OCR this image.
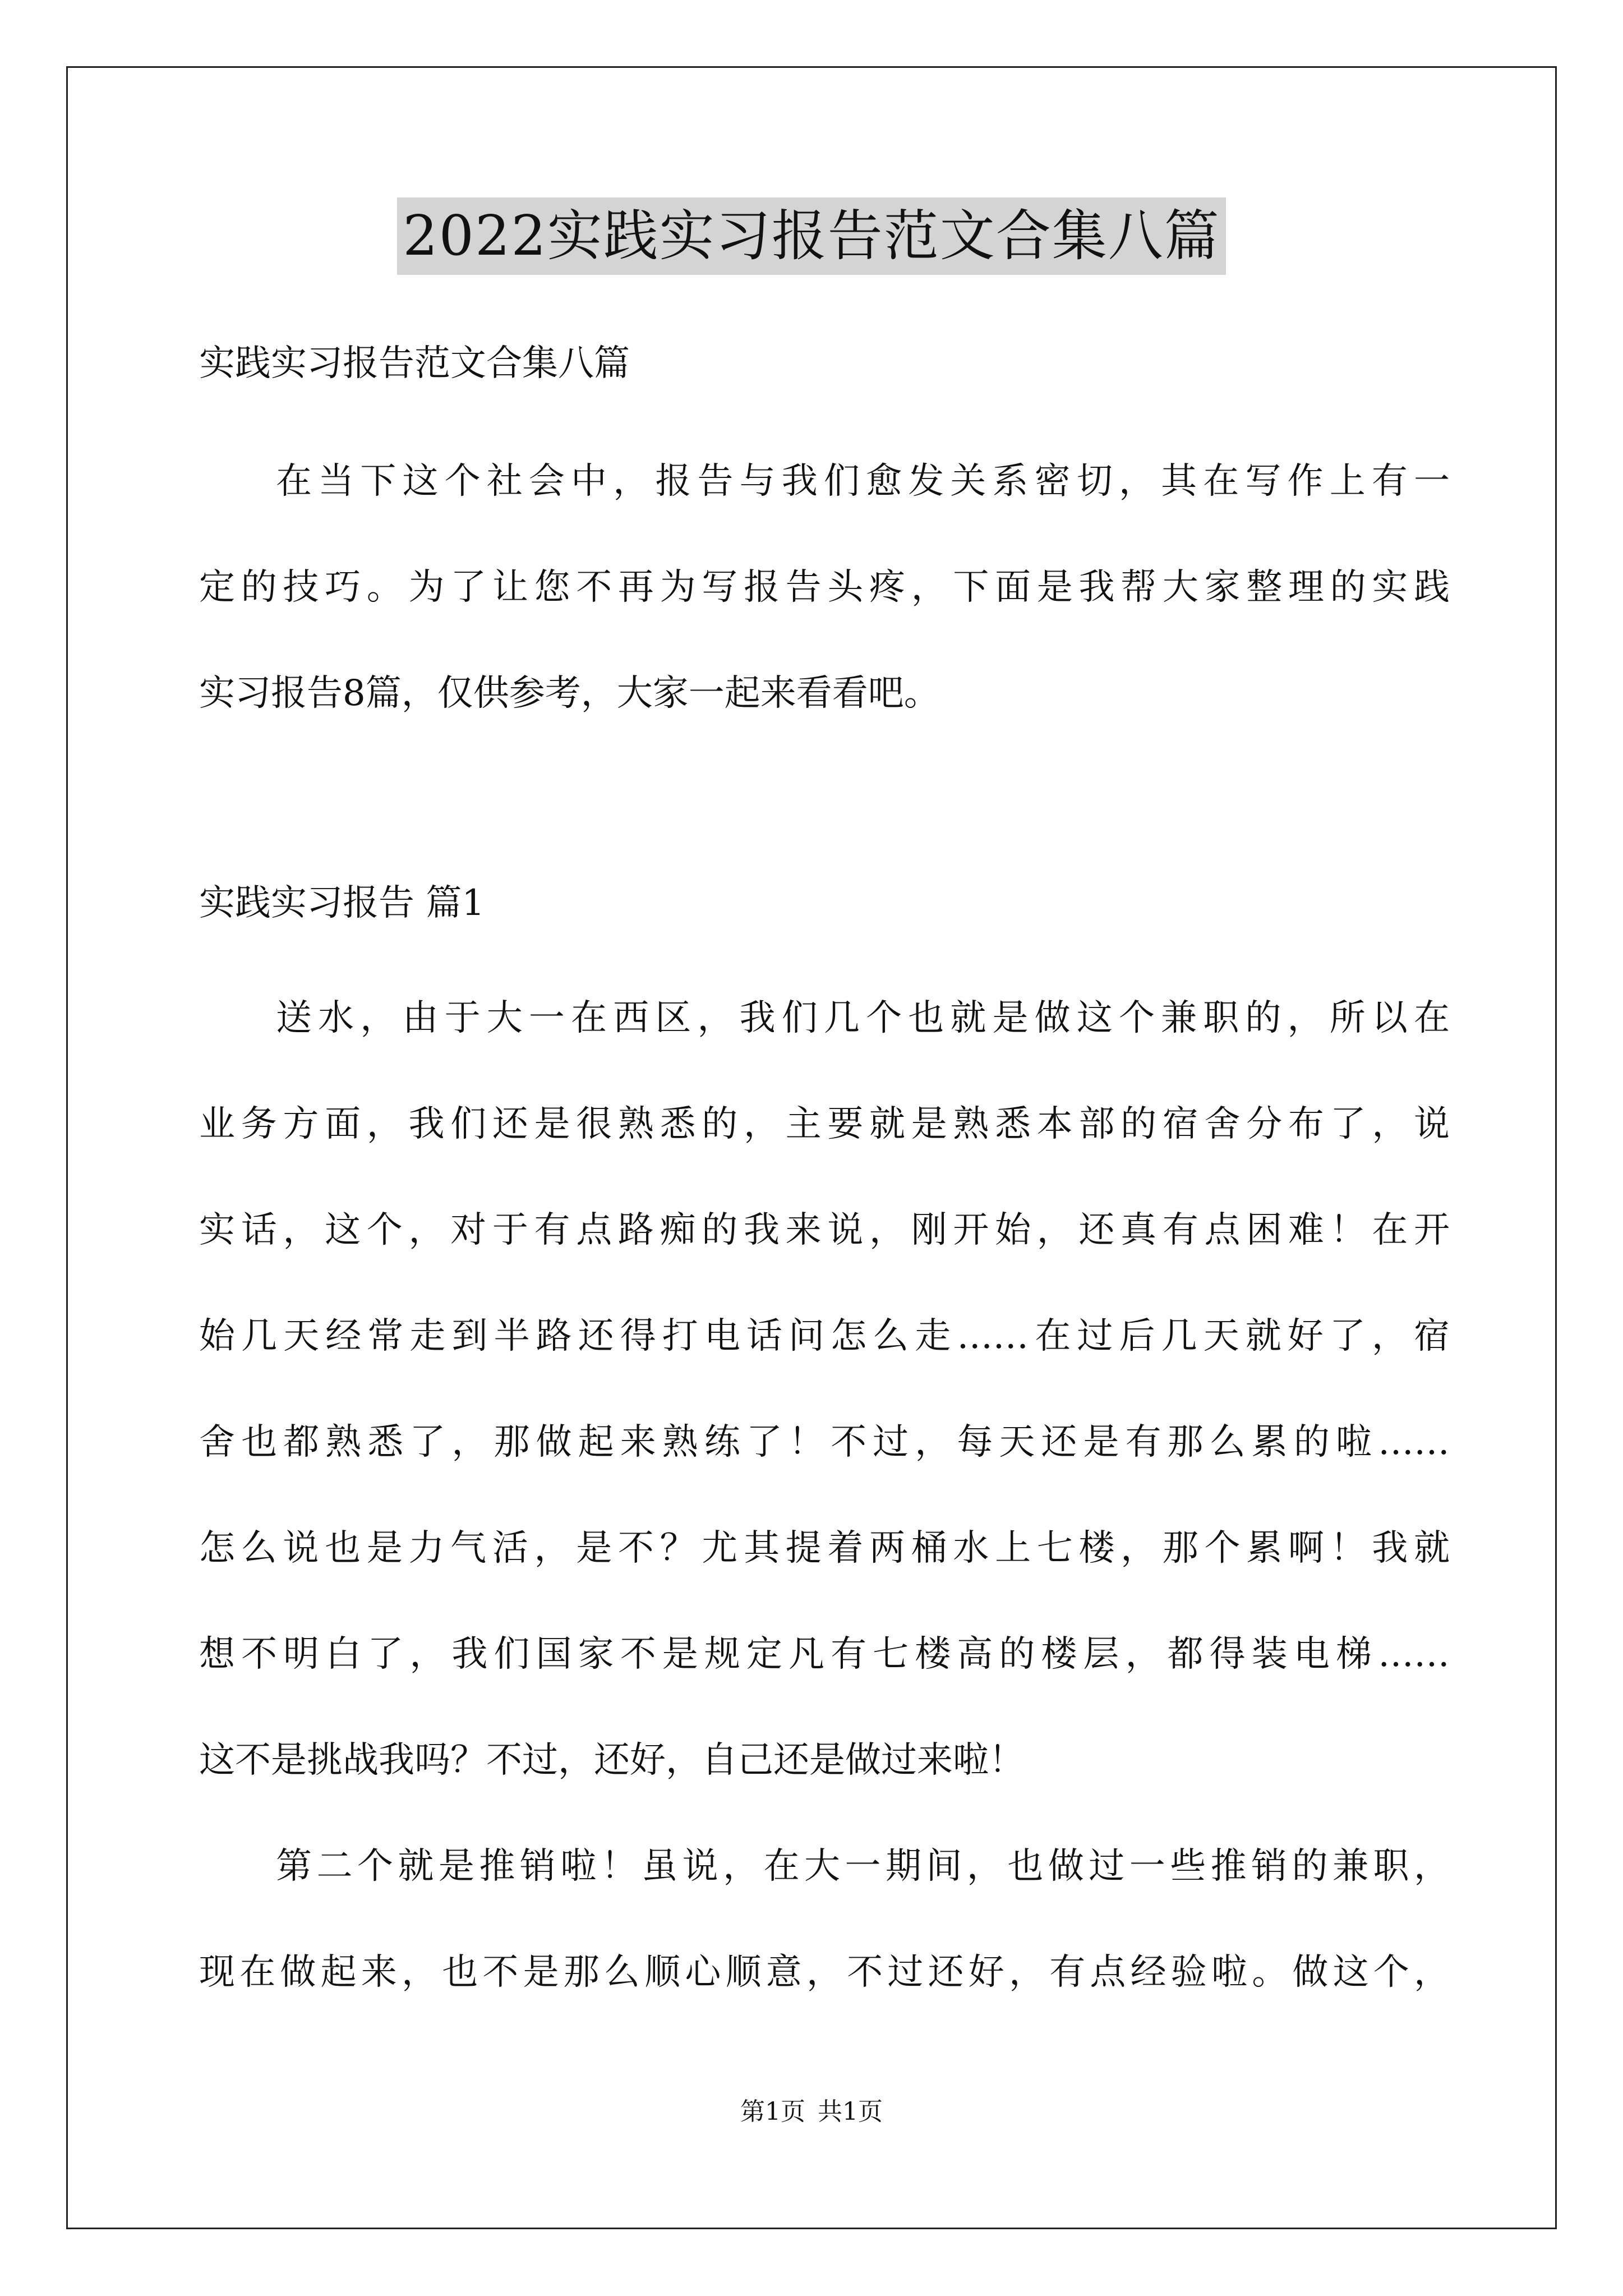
2022实践实习报告范文合集八篇
实践实习报告范文合集八篇
在当下这个社会中，报告与我们愈发关系密切，其在写作上有一
定的技巧。为了让您不再为写报告头疼，下面是我帮大家整理的实践
实习报告8篇，仅供参考，大家一起来看看吧。
实践实习报告 篇1
送水，由于大一在西区，我们几个也就是做这个兼职的，所以在
业务方面，我们还是很熟悉的，主要就是熟悉本部的宿舍分布了，说
实话，这个，对于有点路痴的我来说，刚开始，还真有点困难！在开
始几天经常走到半路还得打电话问怎么走……在过后几天就好了，宿
舍也都熟悉了，那做起来熟练了！不过，每天还是有那么累的啦……
怎么说也是力气活，是不？尤其提着两桶水上七楼，那个累啊！我就
想不明白了，我们国家不是规定凡有七楼高的楼层，都得装电梯……
这不是挑战我吗？不过，还好，自己还是做过来啦！
第二个就是推销啦！虽说，在大一期间，也做过一些推销的兼职，
现在做起来，也不是那么顺心顺意，不过还好，有点经验啦。做这个，
第1页 共1页
